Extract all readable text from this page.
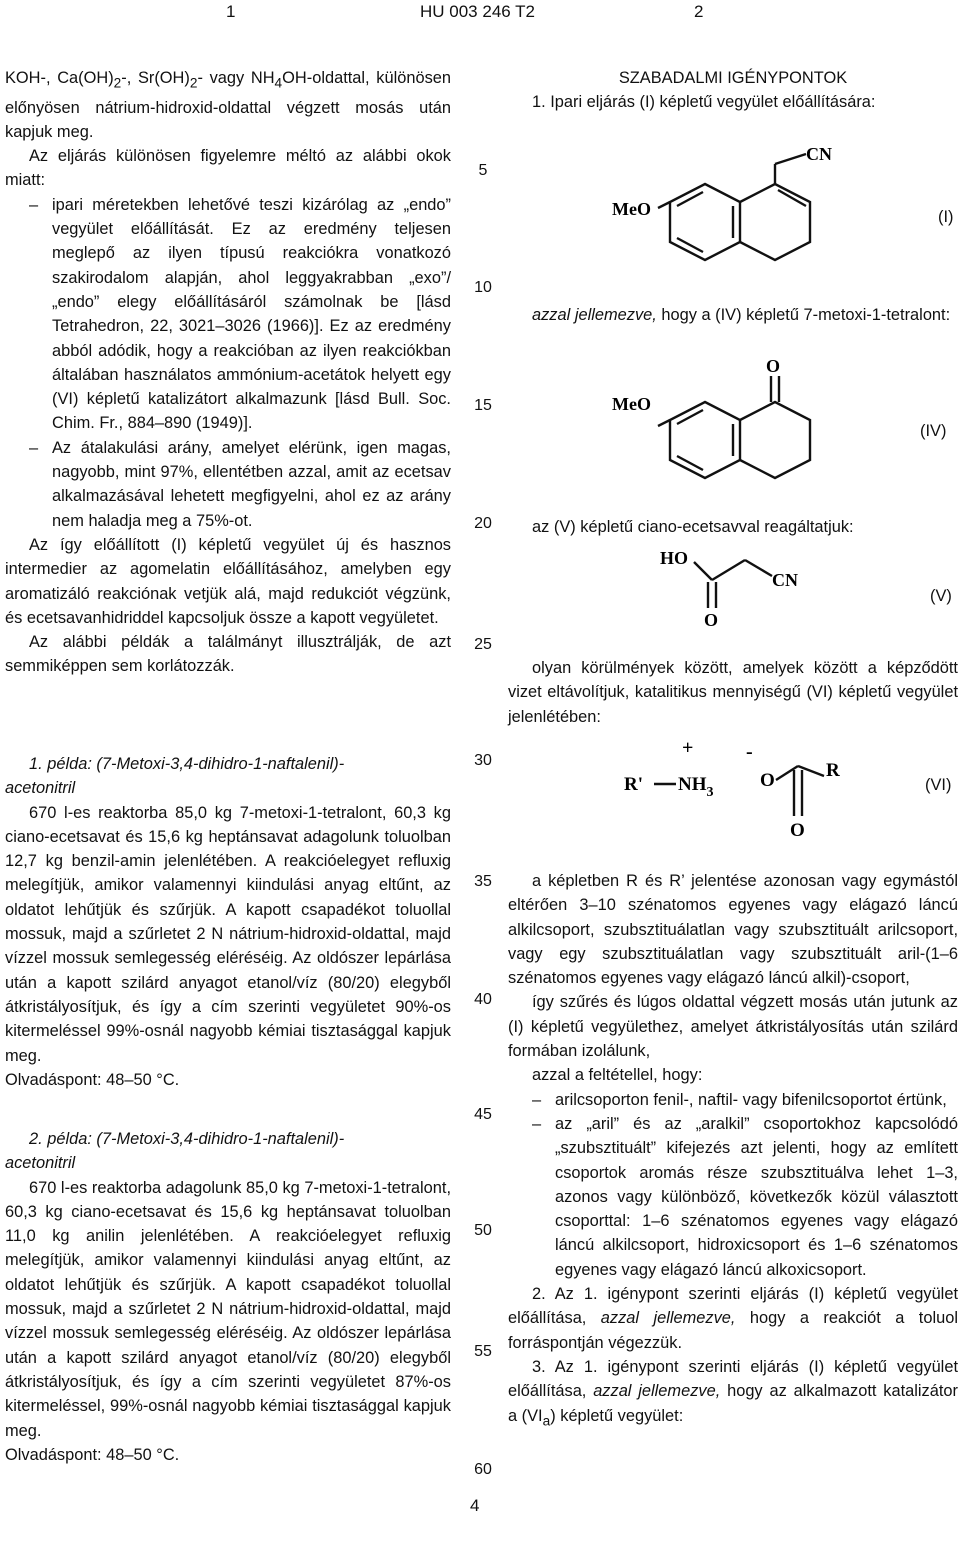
1	HU 003 246 T2	2

KOH-, $Ca(OH)_2-$, $Sr(OH)_2-$ vagy $NH_4OH$-oldattal, különösen előnyösen nátrium-hidroxid-oldattal végzett mosás után kapjuk meg.

Az eljárás különösen figyelemre méltó az alábbi okok miatt:

– ipari méretekben lehetővé teszi kizárólag az „endo” vegyület előállítását. Ez az eredmény teljesen meglepő az ilyen típusú reakciókra vonatkozó szakirodalom alapján, ahol leggyakrabban „exo”/„endo” elegy előállításáról számolnak be [lásd Tetrahedron, 22, 3021–3026 (1966)]. Ez az eredmény abból adódik, hogy a reakcióban az ilyen reakciókban általában használatos ammónium-acetátok helyett egy (VI) képletű katalizátort alkalmazunk [lásd Bull. Soc. Chim. Fr., 884–890 (1949)].

– Az átalakulási arány, amelyet elérünk, igen magas, nagyobb, mint 97%, ellentétben azzal, amit az ecetsav alkalmazásával lehetett megfigyelni, ahol ez az arány nem haladja meg a 75%-ot.

Az így előállított (I) képletű vegyület új és hasznos intermedier az agomelatin előállításához, amelyben egy aromatizáló reakciónak vetjük alá, majd redukciót végzünk, és ecetsavanhidriddel kapcsoljuk össze a kapott vegyületet.

Az alábbi példák a találmányt illusztrálják, de azt semmiképpen sem korlátozzák.

1. példa: (7-Metoxi-3,4-dihidro-1-naftalenil)-acetonitril

670 l-es reaktorba 85,0 kg 7-metoxi-1-tetralont, 60,3 kg ciano-ecetsavat és 15,6 kg heptánsavat adagolunk toluolban 12,7 kg benzil-amin jelenlétében. A reakcióelegyet refluxig melegítjük, amikor valamennyi kiindulási anyag eltűnt, az oldatot lehűtjük és szűrjük. A kapott csapadékot toluollal mossuk, majd a szűrletet 2 N nátrium-hidroxid-oldattal, majd vízzel mossuk semlegesség eléréséig. Az oldószer lepárlása után a kapott szilárd anyagot etanol/víz (80/20) elegyből átkristályosítjuk, és így a cím szerinti vegyületet 90%-os kitermeléssel 99%-osnál nagyobb kémiai tisztasággal kapjuk meg.

Olvadáspont: 48–50 °C.

2. példa: (7-Metoxi-3,4-dihidro-1-naftalenil)-acetonitril

670 l-es reaktorba adagolunk 85,0 kg 7-metoxi-1-tetralont, 60,3 kg ciano-ecetsavat és 15,6 kg heptánsavat toluolban 11,0 kg anilin jelenlétében. A reakcióelegyet refluxig melegítjük, amikor valamennyi kiindulási anyag eltűnt, az oldatot lehűtjük és szűrjük. A kapott csapadékot toluollal mossuk, majd a szűrletet 2 N nátrium-hidroxid-oldattal, majd vízzel mossuk semlegesség eléréséig. Az oldószer lepárlása után a kapott szilárd anyagot etanol/víz (80/20) elegyből átkristályosítjuk, és így a cím szerinti vegyületet 87%-os kitermeléssel, 99%-osnál nagyobb kémiai tisztasággal kapjuk meg.

Olvadáspont: 48–50 °C.

5
10
15
20
25
30
35
40
45
50
55
60

SZABADALMI IGÉNYPONTOK

1. Ipari eljárás (I) képletű vegyület előállítására:

CN
MeO	(I)

azzal jellemezve, hogy a (IV) képletű 7-metoxi-1-tetralont:

O
MeO
(IV)

az (V) képletű ciano-ecetsavval reagáltatjuk:

HO
CN
O
(V)

olyan körülmények között, amelyek között a képződött vizet eltávolítjuk, katalitikus mennyiségű (VI) képletű vegyület jelenlétében:

+	-
R' $NH_3$
O	R
O
(VI)

a képletben R és R’ jelentése azonosan vagy egymástól eltérően 3–10 szénatomos egyenes vagy elágazó láncú alkilcsoport, szubsztituálatlan vagy szubsztituált arilcsoport, vagy egy szubsztituálatlan vagy szubsztituált aril-(1–6 szénatomos egyenes vagy elágazó láncú alkil)-csoport,

így szűrés és lúgos oldattal végzett mosás után jutunk az (I) képletű vegyülethez, amelyet átkristályosítás után szilárd formában izolálunk,

azzal a feltétellel, hogy:

– arilcsoporton fenil-, naftil- vagy bifenilcsoportot értünk,

– az „aril” és az „aralkil” csoportokhoz kapcsolódó „szubsztituált” kifejezés azt jelenti, hogy az említett csoportok aromás része szubsztituálva lehet 1–3, azonos vagy különböző, következők közül választott csoporttal: 1–6 szénatomos egyenes vagy elágazó láncú alkilcsoport, hidroxicsoport és 1–6 szénatomos egyenes vagy elágazó láncú alkoxicsoport.

2. Az 1. igénypont szerinti eljárás (I) képletű vegyület előállítása, azzal jellemezve, hogy a reakciót a toluol forráspontján végezzük.

3. Az 1. igénypont szerinti eljárás (I) képletű vegyület előállítása, azzal jellemezve, hogy az alkalmazott katalizátor a $(VI_a)$ képletű vegyület:

4
